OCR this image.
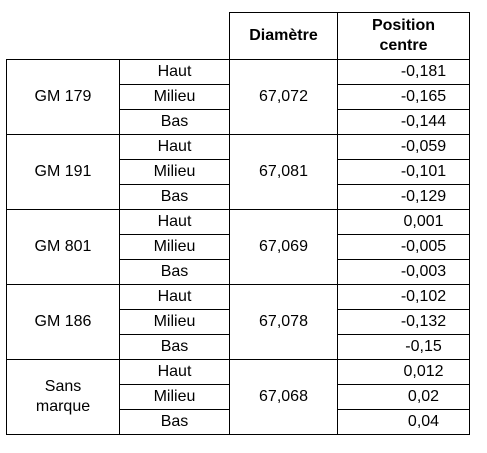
		Diamètre	Position
centre

GM 179	Haut	67,072	-0,181
	Milieu		-0,165
	Bas		-0,144
GM 191	Haut	67,081	-0,059
	Milieu		-0,101
	Bas		-0,129
GM 801	Haut	67,069	0,001
	Milieu		-0,005
	Bas		-0,003
GM 186	Haut	67,078	-0,102
	Milieu		-0,132
	Bas		-0,15

Sans
marque	Haut	67,068	0,012
	Milieu		0,02
	Bas		0,04
